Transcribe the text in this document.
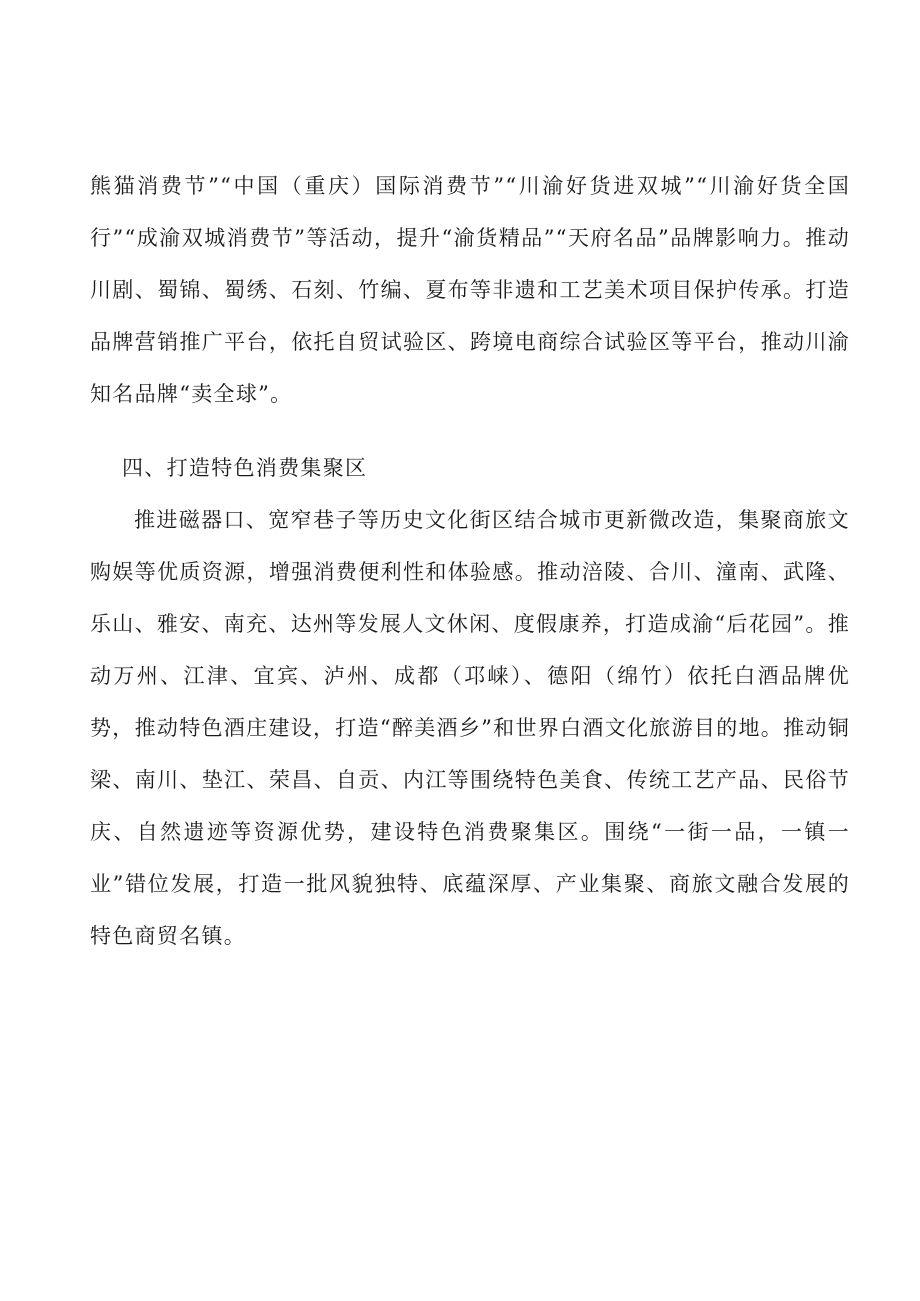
熊猫消费节”“中国（重庆）国际消费节”“川渝好货进双城”“川渝好货全国行”“成渝双城消费节”等活动，提升“渝货精品”“天府名品”品牌影响力。推动川剧、蜀锦、蜀绣、石刻、竹编、夏布等非遗和工艺美术项目保护传承。打造品牌营销推广平台，依托自贸试验区、跨境电商综合试验区等平台，推动川渝知名品牌“卖全球”。

四、打造特色消费集聚区

推进磁器口、宽窄巷子等历史文化街区结合城市更新微改造，集聚商旅文购娱等优质资源，增强消费便利性和体验感。推动涪陵、合川、潼南、武隆、乐山、雅安、南充、达州等发展人文休闲、度假康养，打造成渝“后花园”。推动万州、江津、宜宾、泸州、成都（邛崃）、德阳（绵竹）依托白酒品牌优势，推动特色酒庄建设，打造“醉美酒乡”和世界白酒文化旅游目的地。推动铜梁、南川、垫江、荣昌、自贡、内江等围绕特色美食、传统工艺产品、民俗节庆、自然遗迹等资源优势，建设特色消费聚集区。围绕“一街一品，一镇一业”错位发展，打造一批风貌独特、底蕴深厚、产业集聚、商旅文融合发展的特色商贸名镇。
